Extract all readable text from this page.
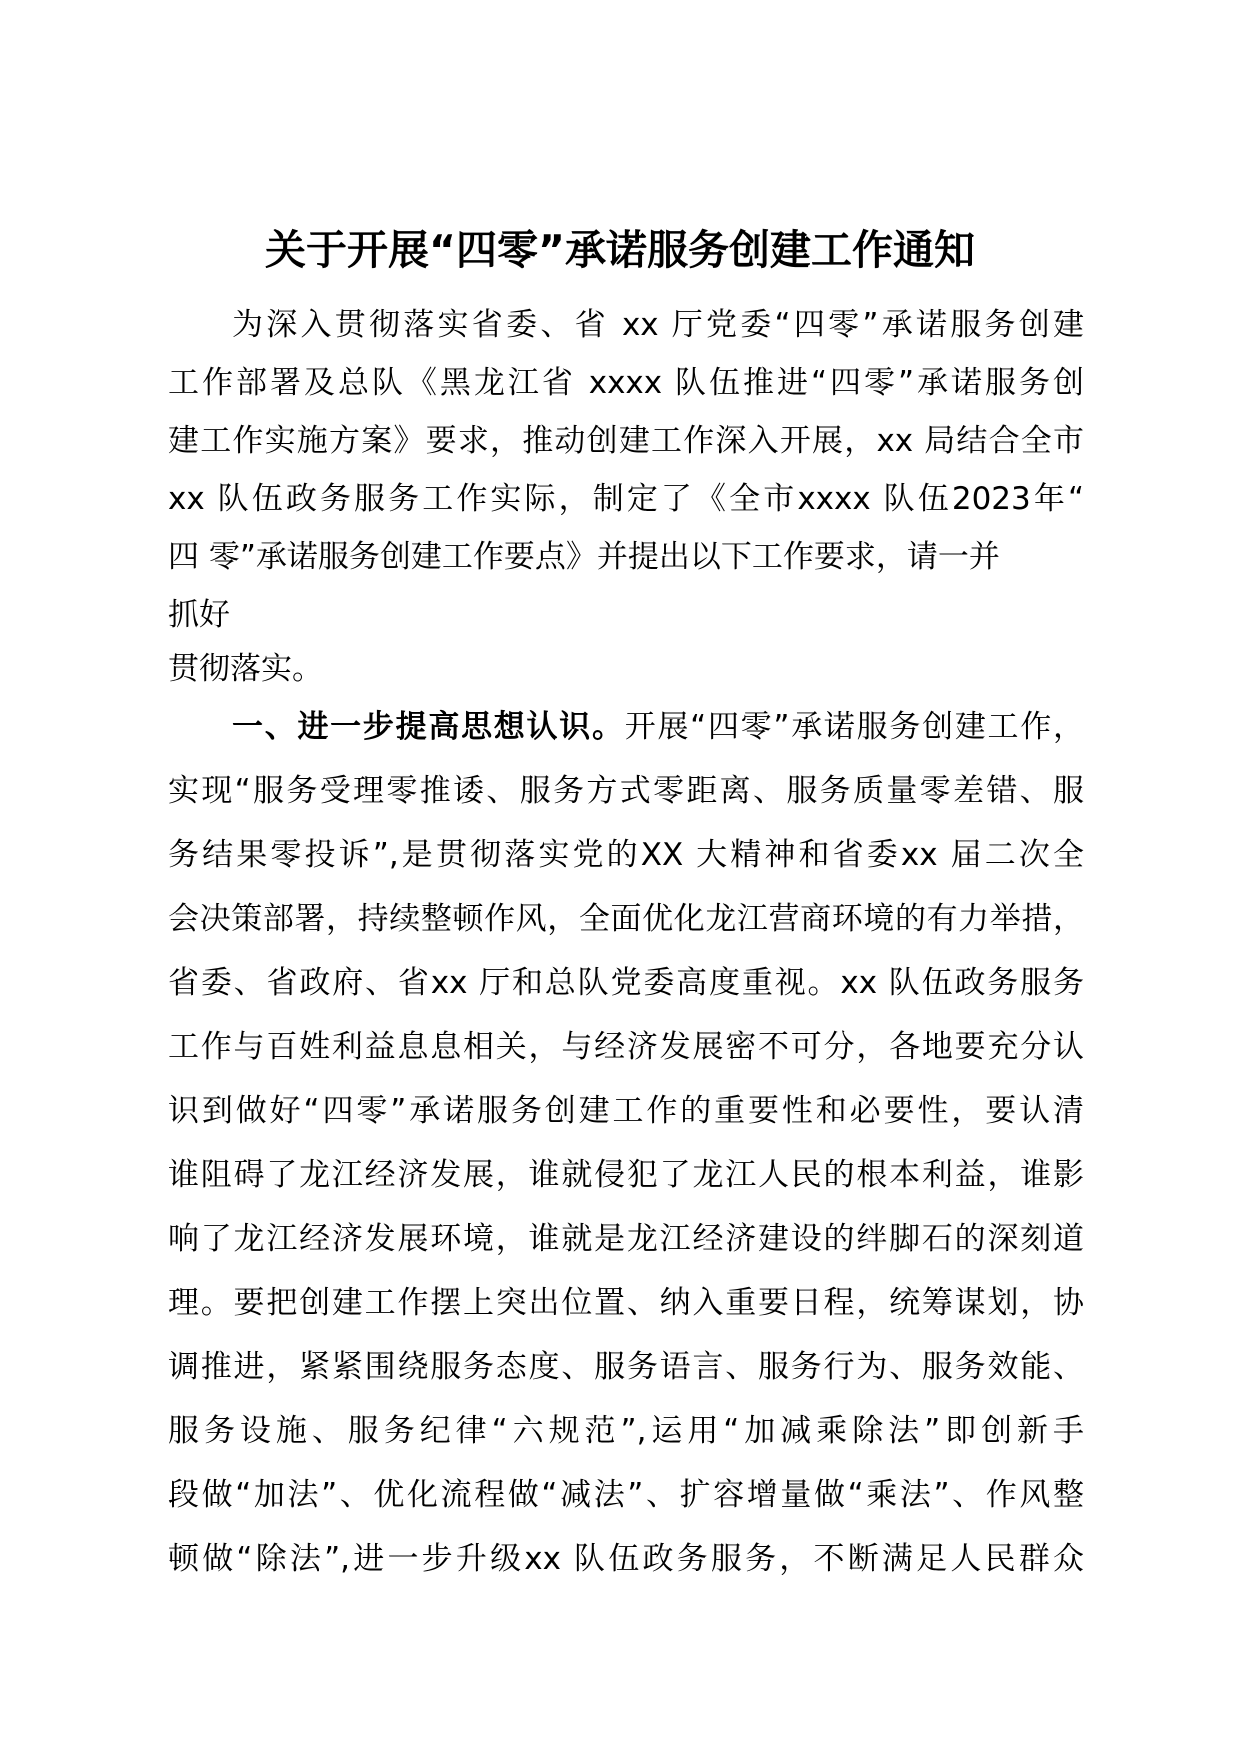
关于开展“四零”承诺服务创建工作通知

为深入贯彻落实省委、省 xx 厅党委“四零”承诺服务创建

工作部署及总队《黑龙江省 xxxx 队伍推进“四零”承诺服务创

建工作实施方案》要求，推动创建工作深入开展，xx 局结合全市

xx 队伍政务服务工作实际，制定了《全市xxxx 队伍2023年“

四 零”承诺服务创建工作要点》并提出以下工作要求，请一并

抓好

贯彻落实。

一、进一步提高思想认识。开展“四零”承诺服务创建工作，

实现“服务受理零推诿、服务方式零距离、服务质量零差错、服

务结果零投诉”,是贯彻落实党的XX 大精神和省委xx 届二次全

会决策部署，持续整顿作风，全面优化龙江营商环境的有力举措，

省委、省政府、省xx 厅和总队党委高度重视。xx 队伍政务服务

工作与百姓利益息息相关，与经济发展密不可分，各地要充分认

识到做好“四零”承诺服务创建工作的重要性和必要性，要认清

谁阻碍了龙江经济发展，谁就侵犯了龙江人民的根本利益，谁影

响了龙江经济发展环境，谁就是龙江经济建设的绊脚石的深刻道

理。要把创建工作摆上突出位置、纳入重要日程，统筹谋划，协

调推进，紧紧围绕服务态度、服务语言、服务行为、服务效能、

服务设施、服务纪律“六规范”,运用“加减乘除法”即创新手

段做“加法”、优化流程做“减法”、扩容增量做“乘法”、作风整

顿做“除法”,进一步升级xx 队伍政务服务，不断满足人民群众
